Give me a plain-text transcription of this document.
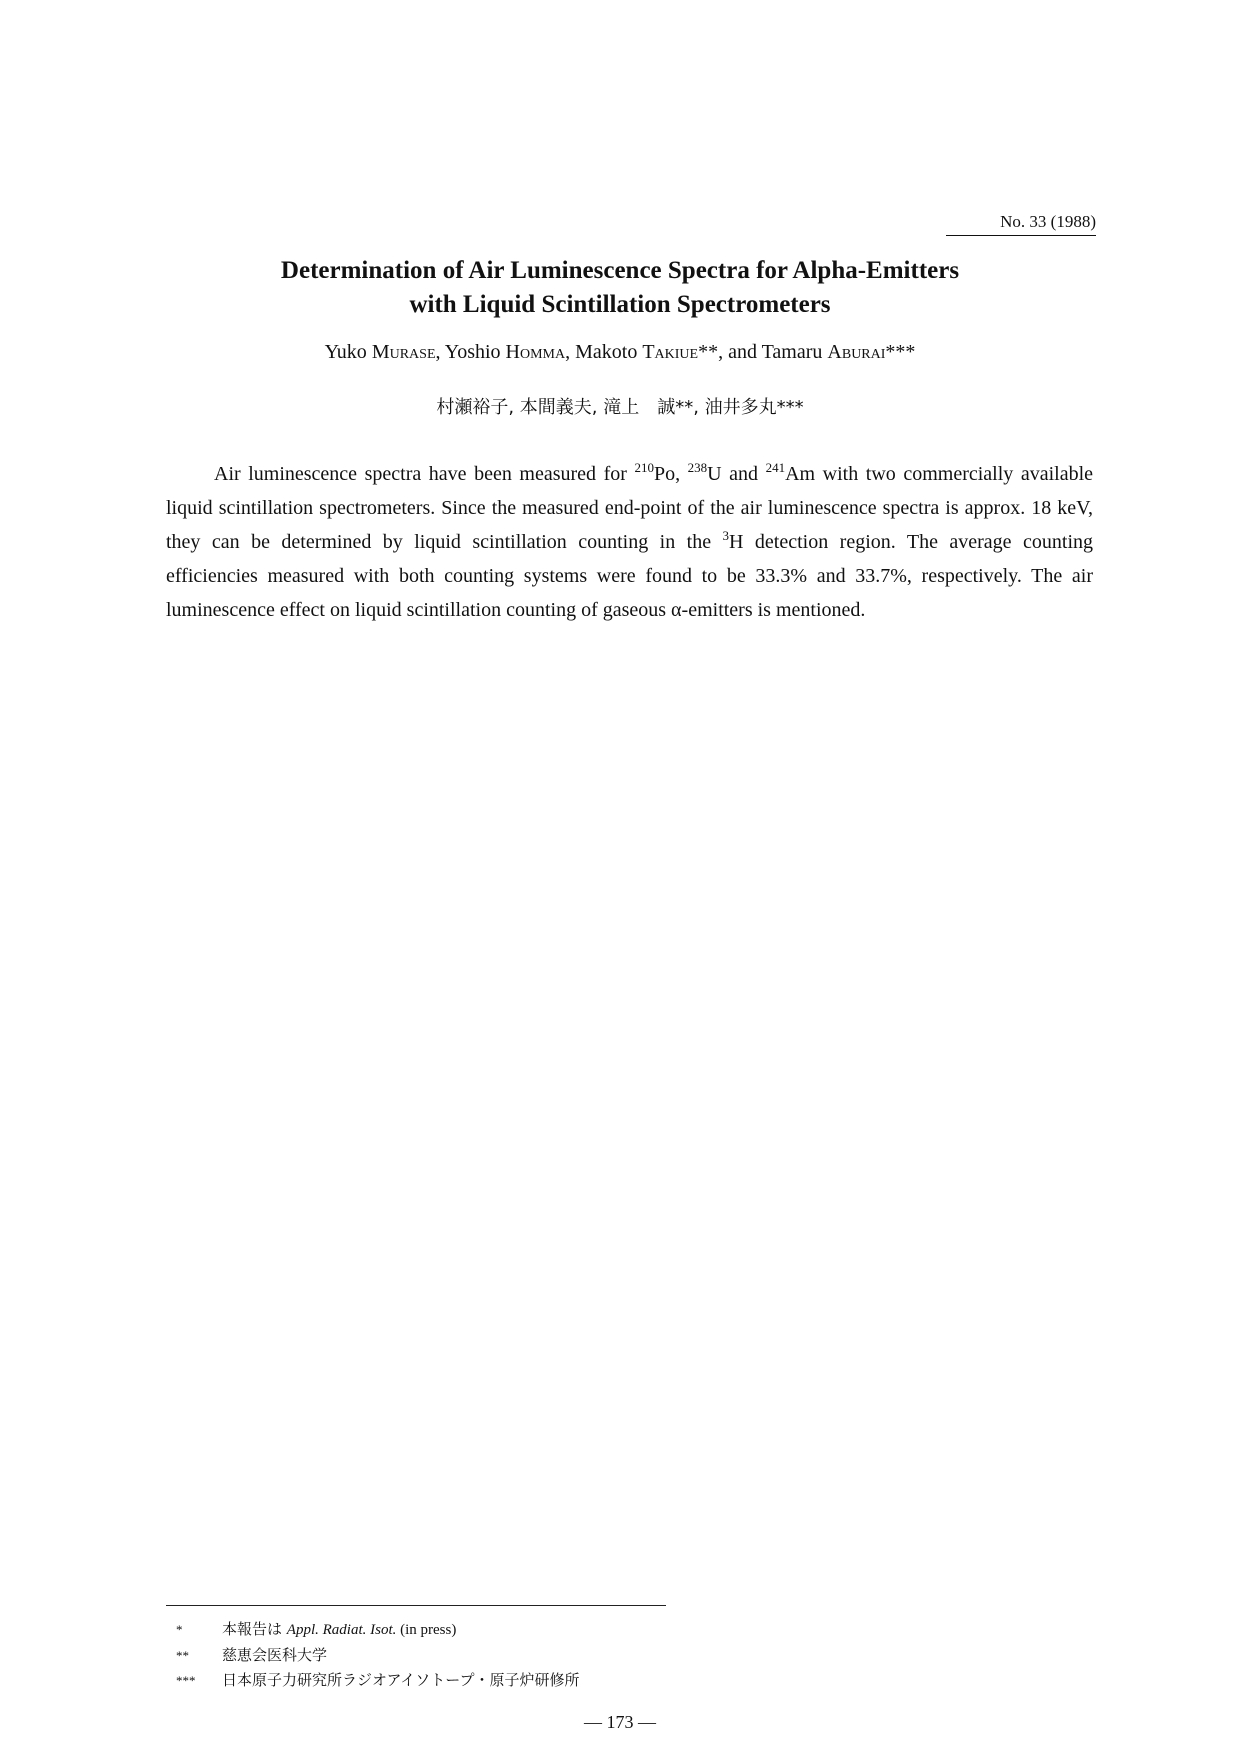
No. 33 (1988)
Determination of Air Luminescence Spectra for Alpha-Emitters
with Liquid Scintillation Spectrometers
Yuko Murase, Yoshio Homma, Makoto Takiue**, and Tamaru Aburai***
村瀬裕子, 本間義夫, 滝上　誠**, 油井多丸***

Air luminescence spectra have been measured for $^{210}$Po, $^{238}$U and $^{241}$Am with two commercially available liquid scintillation spectrometers. Since the measured end-point of the air luminescence spectra is approx. 18 keV, they can be determined by liquid scintillation counting in the $^3$H detection region. The average counting efficiencies measured with both counting systems were found to be 33.3% and 33.7%, respectively. The air luminescence effect on liquid scintillation counting of gaseous α-emitters is mentioned.

*	本報告は Appl. Radiat. Isot. (in press)
**	慈恵会医科大学
***	日本原子力研究所ラジオアイソトープ・原子炉研修所
— 173 —
